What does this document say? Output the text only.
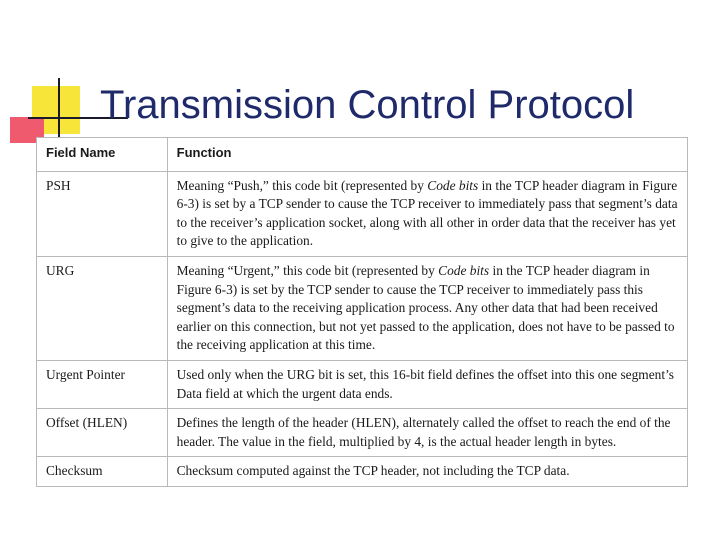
Transmission Control Protocol
Field Name	Function
PSH	Meaning “Push,” this code bit (represented by Code bits in the TCP header diagram in Figure 6-3) is set by a TCP sender to cause the TCP receiver to immediately pass that segment’s data to the receiver’s application socket, along with all other in order data that the receiver has yet to give to the application.
URG	Meaning “Urgent,” this code bit (represented by Code bits in the TCP header diagram in Figure 6-3) is set by the TCP sender to cause the TCP receiver to immediately pass this segment’s data to the receiving application process. Any other data that had been received earlier on this connection, but not yet passed to the application, does not have to be passed to the receiving application at this time.
Urgent Pointer	Used only when the URG bit is set, this 16-bit field defines the offset into this one segment’s Data field at which the urgent data ends.
Offset (HLEN)	Defines the length of the header (HLEN), alternately called the offset to reach the end of the header. The value in the field, multiplied by 4, is the actual header length in bytes.
Checksum	Checksum computed against the TCP header, not including the TCP data.
